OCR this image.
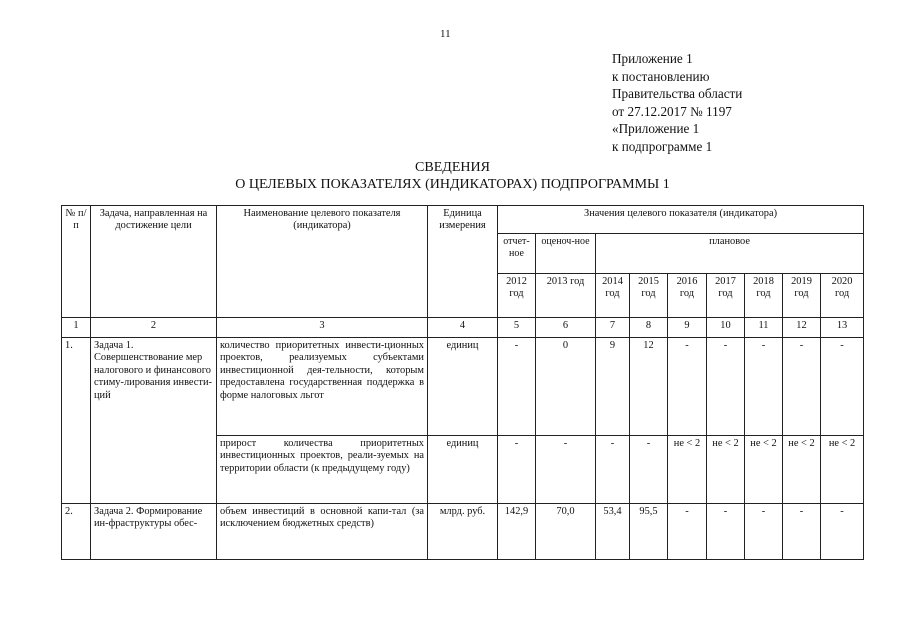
11
Приложение 1
к постановлению
Правительства области
от 27.12.2017 № 1197
«Приложение 1
к подпрограмме 1
СВЕДЕНИЯ
О ЦЕЛЕВЫХ ПОКАЗАТЕЛЯХ (ИНДИКАТОРАХ) ПОДПРОГРАММЫ 1
№ п/п	Задача, направленная на достижение цели	Наименование целевого показателя (индикатора)	Единица измерения	Значения целевого показателя (индикатора)								
				отчет-ное	оценоч-ное	плановое						
				2012 год	2013 год	2014 год	2015 год	2016 год	2017 год	2018 год	2019 год	2020 год
1	2	3	4	5	6	7	8	9	10	11	12	13
1.	Задача 1. Совершенствование мер налогового и финансового стиму-лирования инвести-ций	количество приоритетных инвести-ционных проектов, реализуемых субъектами инвестиционной дея-тельности, которым предоставлена государственная поддержка в форме налоговых льгот	единиц	-	0	9	12	-	-	-	-	-
		прирост количества приоритетных инвестиционных проектов, реали-зуемых на территории области (к предыдущему году)	единиц	-	-	-	-	не < 2	не < 2	не < 2	не < 2	не < 2
2.	Задача 2. Формирование ин-фраструктуры обес-	объем инвестиций в основной капи-тал (за исключением бюджетных средств)	млрд. руб.	142,9	70,0	53,4	95,5	-	-	-	-	-
